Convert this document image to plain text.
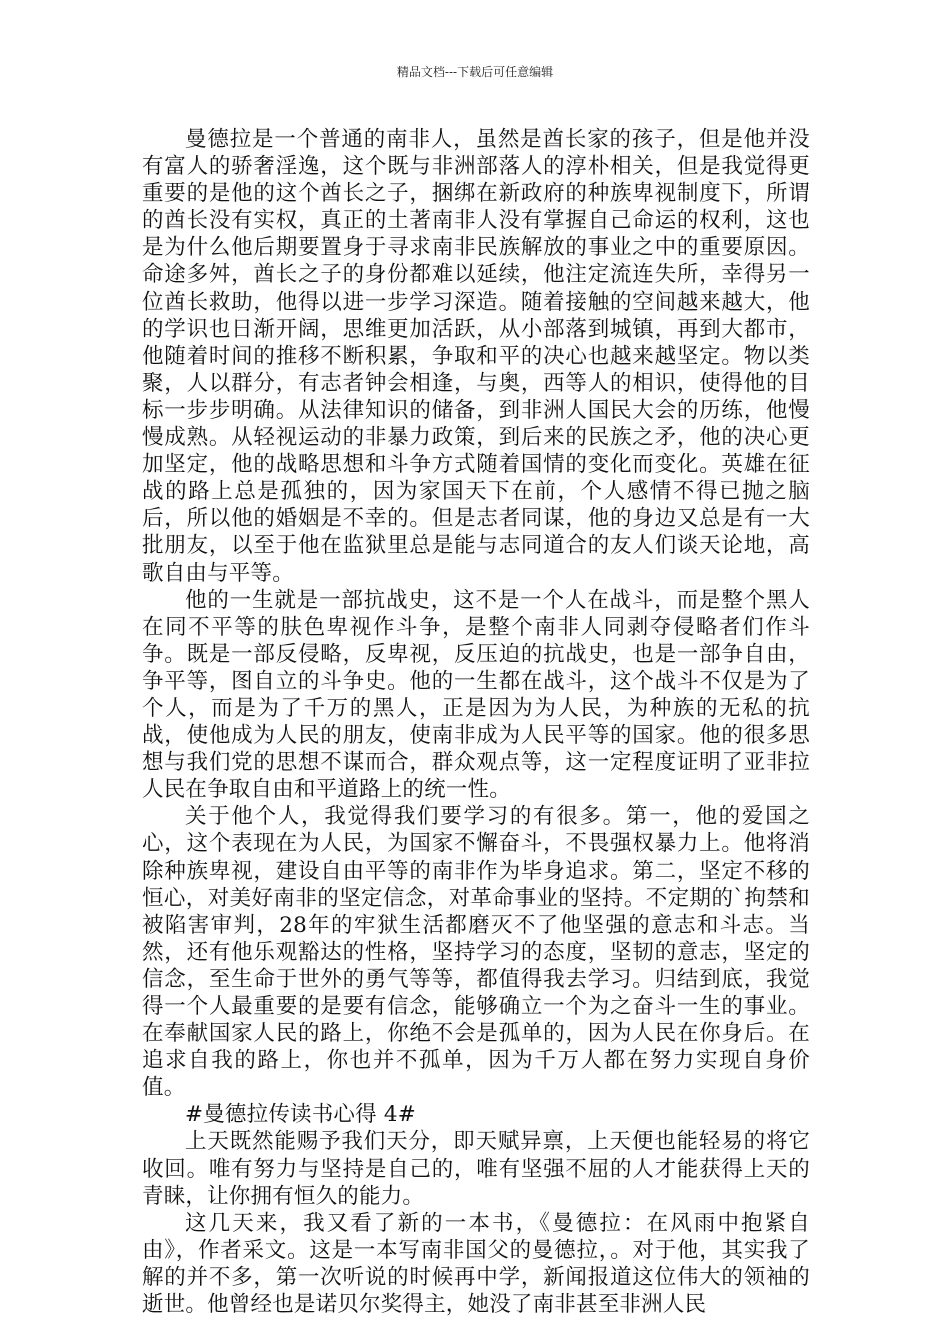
精品文档---下载后可任意编辑

曼德拉是一个普通的南非人，虽然是酋长家的孩子，但是他并没有富人的骄奢淫逸，这个既与非洲部落人的淳朴相关，但是我觉得更重要的是他的这个酋长之子，捆绑在新政府的种族卑视制度下，所谓的酋长没有实权，真正的土著南非人没有掌握自己命运的权利，这也是为什么他后期要置身于寻求南非民族解放的事业之中的重要原因。命途多舛，酋长之子的身份都难以延续，他注定流连失所，幸得另一位酋长救助，他得以进一步学习深造。随着接触的空间越来越大，他的学识也日渐开阔，思维更加活跃，从小部落到城镇，再到大都市，他随着时间的推移不断积累，争取和平的决心也越来越坚定。物以类聚，人以群分，有志者钟会相逢，与奥，西等人的相识，使得他的目标一步步明确。从法律知识的储备，到非洲人国民大会的历练，他慢慢成熟。从轻视运动的非暴力政策，到后来的民族之矛，他的决心更加坚定，他的战略思想和斗争方式随着国情的变化而变化。英雄在征战的路上总是孤独的，因为家国天下在前，个人感情不得已抛之脑后，所以他的婚姻是不幸的。但是志者同谋，他的身边又总是有一大批朋友，以至于他在监狱里总是能与志同道合的友人们谈天论地，高歌自由与平等。

他的一生就是一部抗战史，这不是一个人在战斗，而是整个黑人在同不平等的肤色卑视作斗争，是整个南非人同剥夺侵略者们作斗争。既是一部反侵略，反卑视，反压迫的抗战史，也是一部争自由，争平等，图自立的斗争史。他的一生都在战斗，这个战斗不仅是为了个人，而是为了千万的黑人，正是因为为人民，为种族的无私的抗战，使他成为人民的朋友，使南非成为人民平等的国家。他的很多思想与我们党的思想不谋而合，群众观点等，这一定程度证明了亚非拉人民在争取自由和平道路上的统一性。

关于他个人，我觉得我们要学习的有很多。第一，他的爱国之心，这个表现在为人民，为国家不懈奋斗，不畏强权暴力上。他将消除种族卑视，建设自由平等的南非作为毕身追求。第二，坚定不移的恒心，对美好南非的坚定信念，对革命事业的坚持。不定期的`拘禁和被陷害审判，28年的牢狱生活都磨灭不了他坚强的意志和斗志。当然，还有他乐观豁达的性格，坚持学习的态度，坚韧的意志，坚定的信念，至生命于世外的勇气等等，都值得我去学习。归结到底，我觉得一个人最重要的是要有信念，能够确立一个为之奋斗一生的事业。在奉献国家人民的路上，你绝不会是孤单的，因为人民在你身后。在追求自我的路上，你也并不孤单，因为千万人都在努力实现自身价值。

#曼德拉传读书心得 4#

上天既然能赐予我们天分，即天赋异禀，上天便也能轻易的将它收回。唯有努力与坚持是自己的，唯有坚强不屈的人才能获得上天的青睐，让你拥有恒久的能力。

这几天来，我又看了新的一本书，《曼德拉：在风雨中抱紧自由》，作者采文。这是一本写南非国父的曼德拉，。对于他，其实我了解的并不多，第一次听说的时候再中学，新闻报道这位伟大的领袖的逝世。他曾经也是诺贝尔奖得主，她没了南非甚至非洲人民
